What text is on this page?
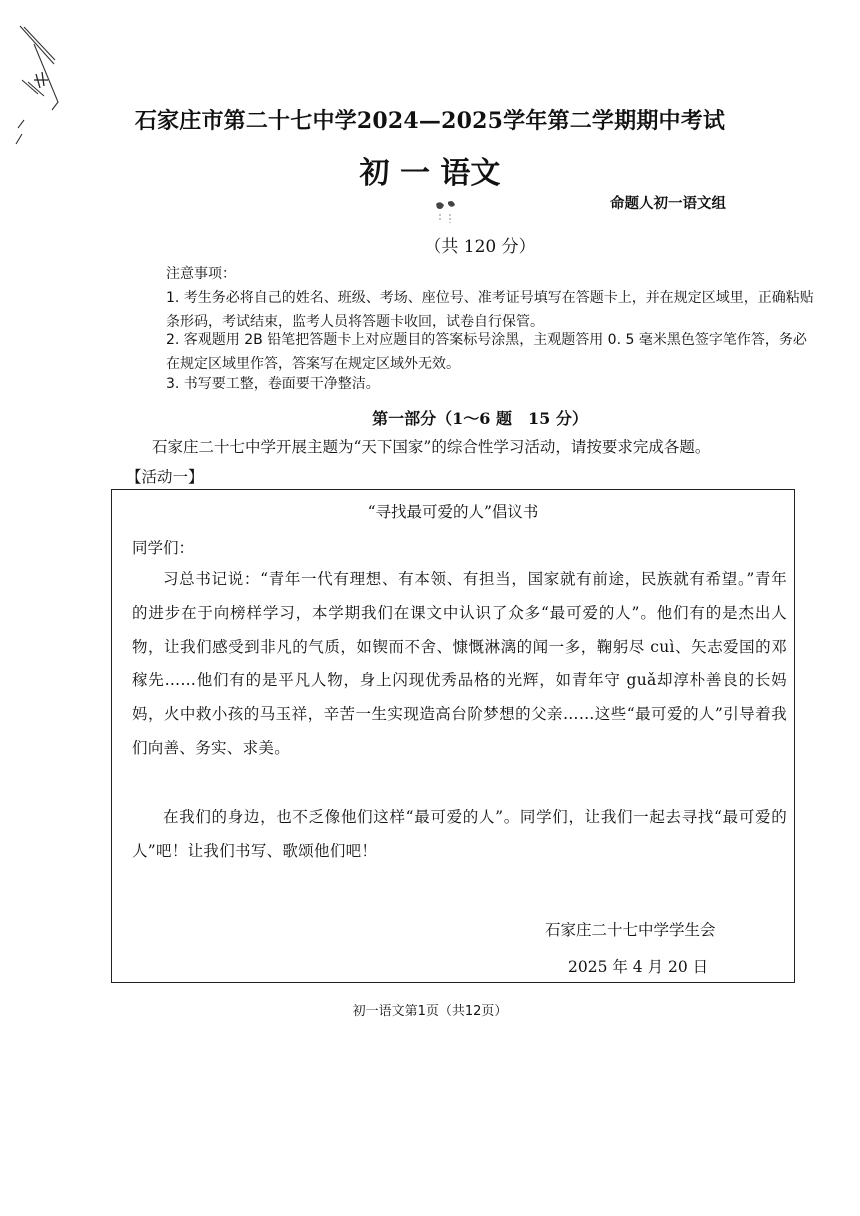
石家庄市第二十七中学2024—2025学年第二学期期中考试
初 一 语文
命题人初一语文组
（共 120 分）
注意事项：
1. 考生务必将自己的姓名、班级、考场、座位号、准考证号填写在答题卡上，并在规定区域里，正确粘贴条形码，考试结束，监考人员将答题卡收回，试卷自行保管。
2. 客观题用 2B 铅笔把答题卡上对应题目的答案标号涂黑，主观题答用 0. 5 毫米黑色签字笔作答，务必在规定区域里作答，答案写在规定区域外无效。
3. 书写要工整，卷面要干净整洁。
第一部分（1～6 题　15 分）
石家庄二十七中学开展主题为“天下国家”的综合性学习活动，请按要求完成各题。
【活动一】
“寻找最可爱的人”倡议书
同学们：
习总书记说：“青年一代有理想、有本领、有担当，国家就有前途，民族就有希望。”青年的进步在于向榜样学习，本学期我们在课文中认识了众多“最可爱的人”。他们有的是杰出人物，让我们感受到非凡的气质，如锲而不舍、慷慨淋漓的闻一多，鞠躬尽 cuì、矢志爱国的邓稼先……他们有的是平凡人物，身上闪现优秀品格的光辉，如青年守 guǎ却淳朴善良的长妈妈，火中救小孩的马玉祥，辛苦一生实现造高台阶梦想的父亲……这些“最可爱的人”引导着我们向善、务实、求美。
在我们的身边，也不乏像他们这样“最可爱的人”。同学们，让我们一起去寻找“最可爱的人”吧！让我们书写、歌颂他们吧！
石家庄二十七中学学生会
2025 年 4 月 20 日
初一语文第1页（共12页）
